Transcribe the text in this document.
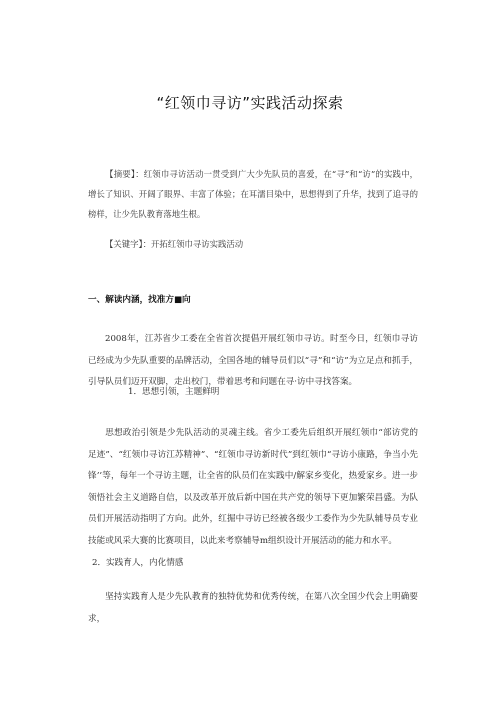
“红领巾寻访”实践活动探索
【摘要】：红领巾寻访活动一贯受到广大少先队员的喜爱，在“寻”和“访”的实践中，增长了知识、开阔了眼界、丰富了体验；在耳濡目染中，思想得到了升华，找到了追寻的榜样，让少先队教育落地生根。
【关键字】：开拓红领巾寻访实践活动
一、解读内涵，找准方■向
2008年，江苏省少工委在全省首次提倡开展红领巾寻访。时至今日，红领巾寻访已经成为少先队重要的品牌活动，全国各地的辅导员们以“寻”和“访”为立足点和抓手，引导队员们迈开双脚，走出校门，带着思考和问题在寻·访中寻找答案。
1．思想引领，主题鲜明
思想政治引领是少先队活动的灵魂主线。省少工委先后组织开展红领巾“部访党的足迹”、“红领巾寻访江苏精神”、“红领巾寻访新时代”到红领巾“寻访小康路，争当小先锋’’等，每年一个寻访主题，让全省的队员们在实践中/解家乡变化，热爱家乡。进一步领悟社会主义道路自信，以及改革开放后新中国在共产党的领导下更加繁荣昌盛。为队员们开展活动指明了方向。此外，红掘中寻访已经被各级少工委作为少先队辅导员专业技能或风采大赛的比赛项目，以此来考察辅导m组织设计开展活动的能力和水平。
2．实践育人，内化情感
坚持实践育人是少先队教育的独特优势和优秀传统，在第八次全国少代会上明确要求，
